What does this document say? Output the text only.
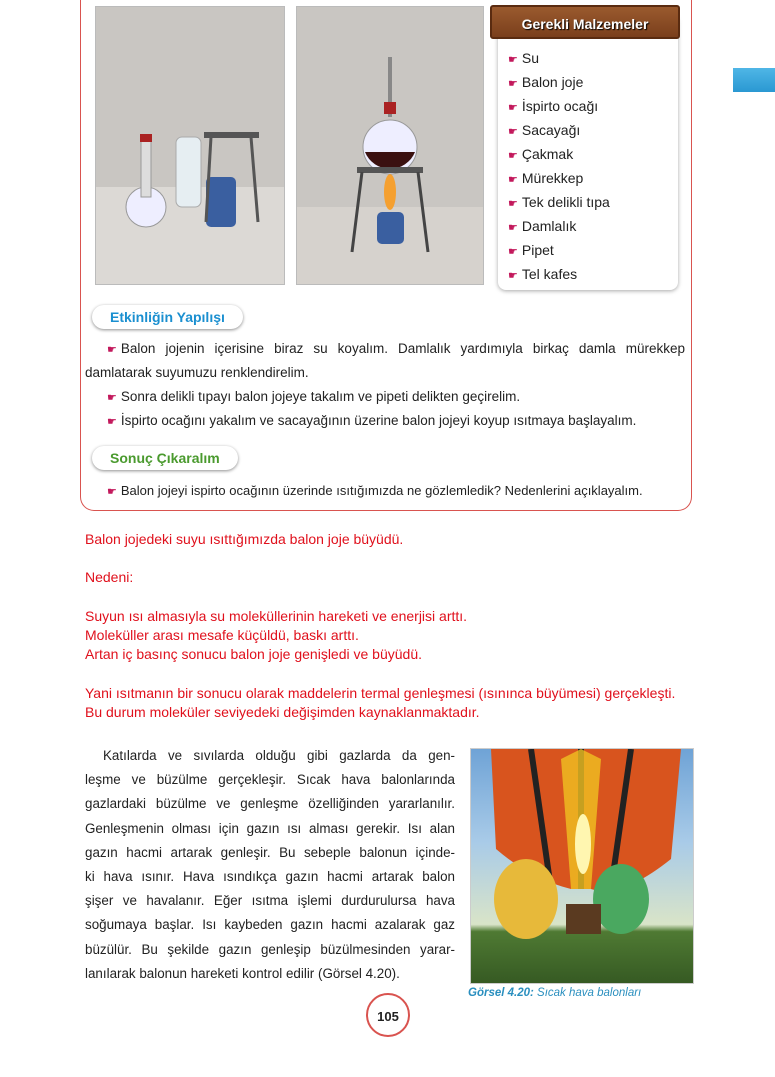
☛ Su
☛ Balon joje
☛ İspirto ocağı
☛ Sacayağı
☛ Çakmak
☛ Mürekkep
☛ Tek delikli tıpa
☛ Damlalık
☛ Pipet
☛ Tel kafes
Gerekli Malzemeler
Etkinliğin Yapılışı
☛ Balon jojenin içerisine biraz su koyalım. Damlalık yardımıyla birkaç damla mürekkep
damlatarak suyumuzu renklendirelim.
☛ Sonra delikli tıpayı balon jojeye takalım ve pipeti delikten geçirelim.
☛ İspirto ocağını yakalım ve sacayağının üzerine balon jojeyi koyup ısıtmaya başlayalım.
Sonuç Çıkaralım
☛ Balon jojeyi ispirto ocağının üzerinde ısıtığımızda ne gözlemledik? Nedenlerini açıklayalım.
Balon jojedeki suyu ısıttığımızda balon joje büyüdü.
Nedeni:
Suyun ısı almasıyla su moleküllerinin hareketi ve enerjisi arttı.
Moleküller arası mesafe küçüldü, baskı arttı.
Artan iç basınç sonucu balon joje genişledi ve büyüdü.
Yani ısıtmanın bir sonucu olarak maddelerin termal genleşmesi (ısınınca büyümesi) gerçekleşti.
Bu durum moleküler seviyedeki değişimden kaynaklanmaktadır.
Katılarda ve sıvılarda olduğu gibi gazlarda da gen-
leşme ve büzülme gerçekleşir. Sıcak hava balonlarında
gazlardaki büzülme ve genleşme özelliğinden yararlanılır.
Genleşmenin olması için gazın ısı alması gerekir. Isı alan
gazın hacmi artarak genleşir. Bu sebeple balonun içinde-
ki hava ısınır. Hava ısındıkça gazın hacmi artarak balon
şişer ve havalanır. Eğer ısıtma işlemi durdurulursa hava
soğumaya başlar. Isı kaybeden gazın hacmi azalarak gaz
büzülür. Bu şekilde gazın genleşip büzülmesinden yarar-
lanılarak balonun hareketi kontrol edilir (Görsel 4.20).
Görsel 4.20: Sıcak hava balonları
105
